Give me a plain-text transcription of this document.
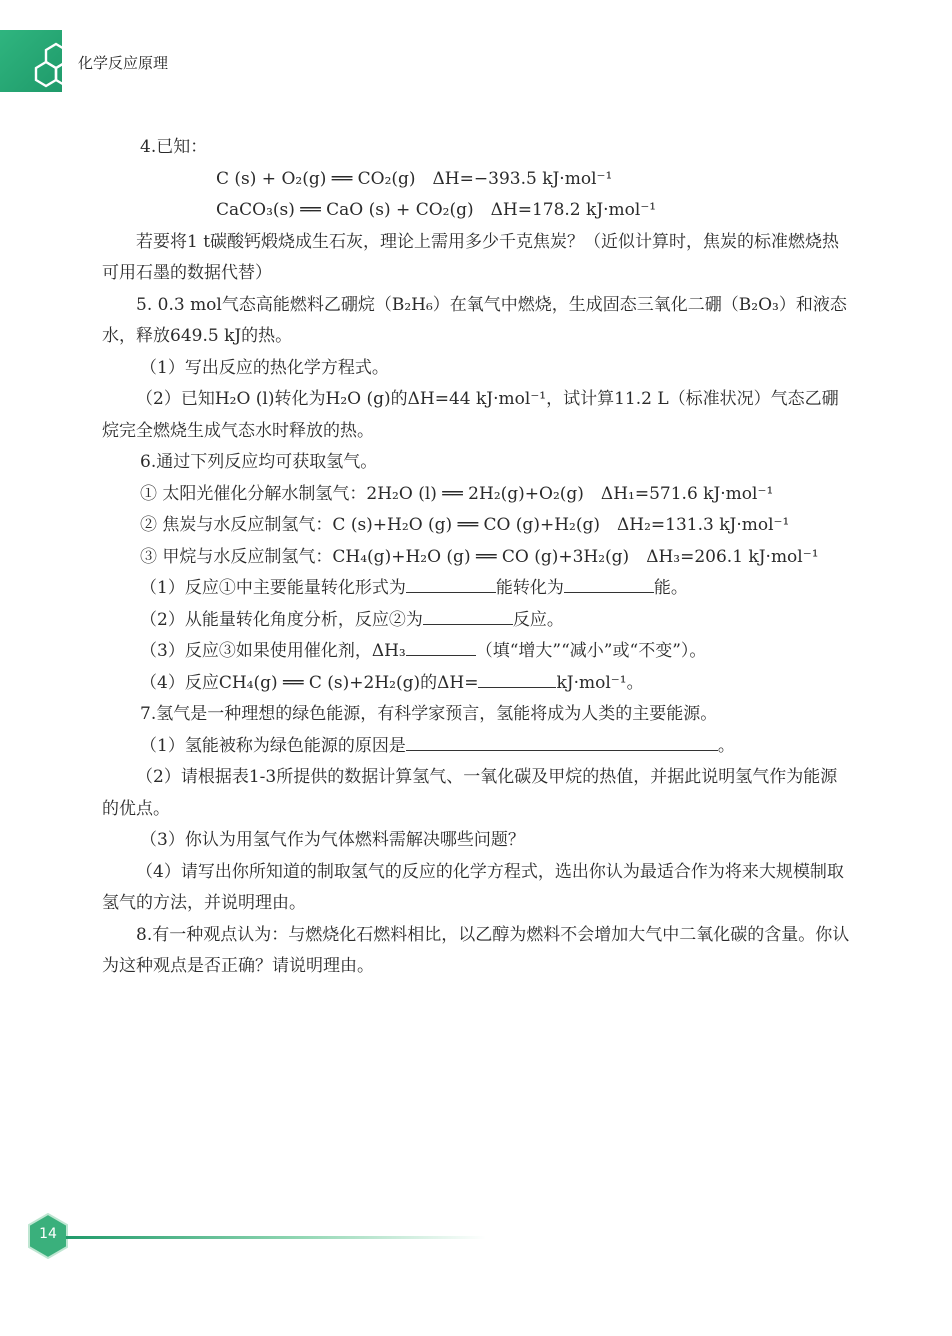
化学反应原理
4.已知：
C (s) + O₂(g) ══ CO₂(g)　ΔH=−393.5 kJ·mol⁻¹
CaCO₃(s) ══ CaO (s) + CO₂(g)　ΔH=178.2 kJ·mol⁻¹
若要将1 t碳酸钙煅烧成生石灰，理论上需用多少千克焦炭？（近似计算时，焦炭的标准燃烧热可用石墨的数据代替）
5. 0.3 mol气态高能燃料乙硼烷（B₂H₆）在氧气中燃烧，生成固态三氧化二硼（B₂O₃）和液态水，释放649.5 kJ的热。
（1）写出反应的热化学方程式。
（2）已知H₂O (l)转化为H₂O (g)的ΔH=44 kJ·mol⁻¹，试计算11.2 L（标准状况）气态乙硼烷完全燃烧生成气态水时释放的热。
6.通过下列反应均可获取氢气。
① 太阳光催化分解水制氢气：2H₂O (l) ══ 2H₂(g)+O₂(g)　ΔH₁=571.6 kJ·mol⁻¹
② 焦炭与水反应制氢气：C (s)+H₂O (g) ══ CO (g)+H₂(g)　ΔH₂=131.3 kJ·mol⁻¹
③ 甲烷与水反应制氢气：CH₄(g)+H₂O (g) ══ CO (g)+3H₂(g)　ΔH₃=206.1 kJ·mol⁻¹
（1）反应①中主要能量转化形式为	能转化为	能。
（2）从能量转化角度分析，反应②为	反应。
（3）反应③如果使用催化剂，ΔH₃	（填“增大”“减小”或“不变”）。
（4）反应CH₄(g) ══ C (s)+2H₂(g)的ΔH=	kJ·mol⁻¹。
7.氢气是一种理想的绿色能源，有科学家预言，氢能将成为人类的主要能源。
（1）氢能被称为绿色能源的原因是	。
（2）请根据表1-3所提供的数据计算氢气、一氧化碳及甲烷的热值，并据此说明氢气作为能源的优点。
（3）你认为用氢气作为气体燃料需解决哪些问题？
（4）请写出你所知道的制取氢气的反应的化学方程式，选出你认为最适合作为将来大规模制取氢气的方法，并说明理由。
8.有一种观点认为：与燃烧化石燃料相比，以乙醇为燃料不会增加大气中二氧化碳的含量。你认为这种观点是否正确？请说明理由。
14
